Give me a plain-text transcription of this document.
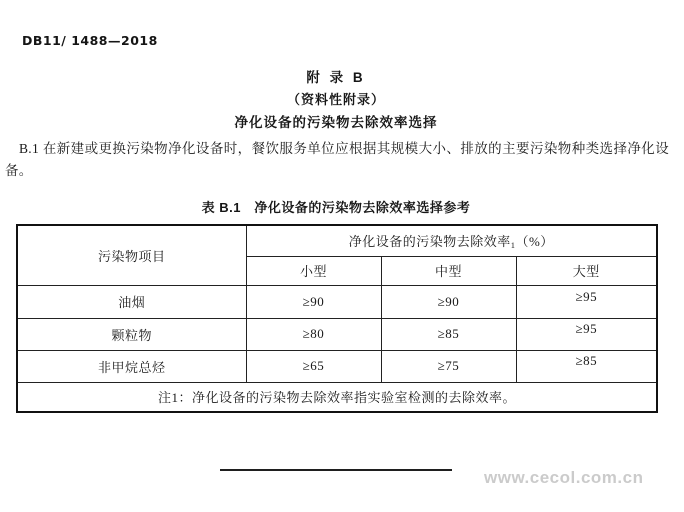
DB11/ 1488—2018
附 录 B
（资料性附录）
净化设备的污染物去除效率选择
B.1 在新建或更换污染物净化设备时，餐饮服务单位应根据其规模大小、排放的主要污染物种类选择净化设备。
表 B.1　净化设备的污染物去除效率选择参考
污染物项目	净化设备的污染物去除效率$_1$（%）		
	小型	中型	大型
油烟	≥90	≥90	≥95
颗粒物	≥80	≥85	≥95
非甲烷总烃	≥65	≥75	≥85
注1：净化设备的污染物去除效率指实验室检测的去除效率。			
www.cecol.com.cn
